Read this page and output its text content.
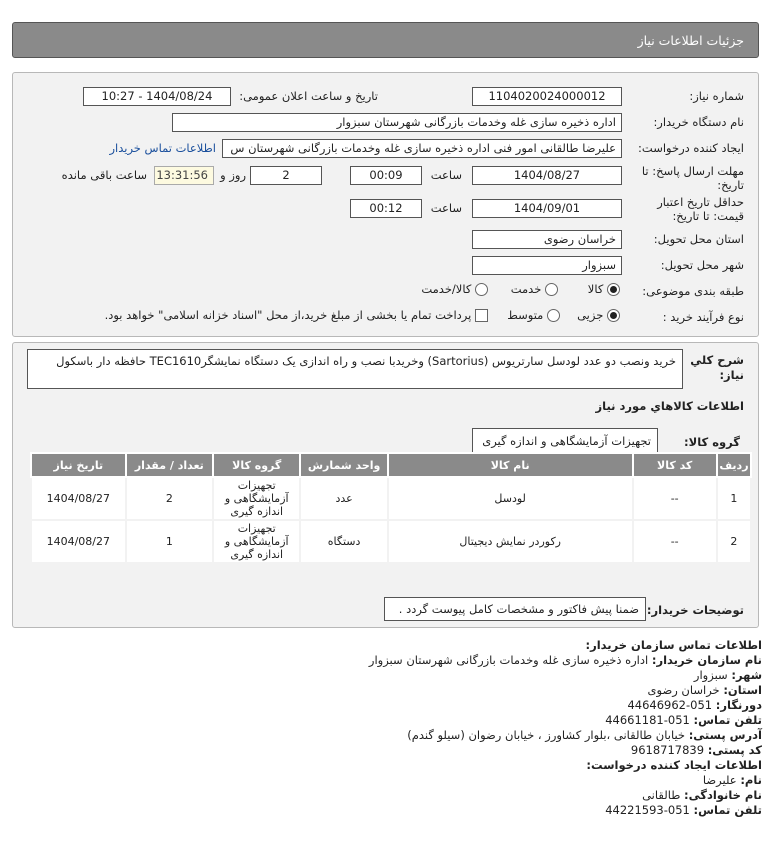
جزئیات اطلاعات نیاز
شماره نیاز:
1104020024000012
تاریخ و ساعت اعلان عمومی:
1404/08/24 - 10:27
نام دستگاه خریدار:
اداره ذخیره سازی غله وخدمات بازرگانی شهرستان سبزوار
ایجاد کننده درخواست:
علیرضا طالقانی امور فنی اداره ذخیره سازی غله وخدمات بازرگانی شهرستان س
اطلاعات تماس خریدار
مهلت ارسال پاسخ: تا تاریخ:
1404/08/27
ساعت
00:09
2
روز و
13:31:56
ساعت باقی مانده
حداقل تاریخ اعتبار قیمت: تا تاریخ:
1404/09/01
ساعت
00:12
استان محل تحویل:
خراسان رضوی
شهر محل تحویل:
سبزوار
طبقه بندی موضوعی:
کالا
خدمت
کالا/خدمت
نوع فرآیند خرید :
جزیی
متوسط
پرداخت تمام یا بخشی از مبلغ خرید،از محل "اسناد خزانه اسلامی" خواهد بود.
شرح کلي نياز:
خرید ونصب دو عدد لودسل سارتریوس (Sartorius) وخریدبا نصب و راه اندازی یک دستگاه نمایشگرTEC1610 حافظه دار باسکول
اطلاعات کالاهاي مورد نياز
گروه کالا:
تجهیزات آزمایشگاهی و اندازه گیری
ردیف	کد کالا	نام کالا	واحد شمارش	گروه کالا	تعداد / مقدار	تاریخ نیاز
1	--	لودسل	عدد	تجهیزات آزمایشگاهی و اندازه گیری	2	1404/08/27
2	--	رکوردر نمایش دیجیتال	دستگاه	تجهیزات آزمایشگاهی و اندازه گیری	1	1404/08/27
توضیحات خریدار:
ضمنا پیش فاکتور و مشخصات کامل پیوست گردد .
اطلاعات تماس سازمان خریدار:
نام سازمان خریدار: اداره ذخیره سازی غله وخدمات بازرگانی شهرستان سبزوار
شهر: سبزوار
استان: خراسان رضوی
دورنگار: 051-44646962
تلفن تماس: 051-44661181
آدرس پستی: خیابان طالقانی ،بلوار کشاورز ، خیابان رضوان (سیلو گندم)
کد پستی: 9618717839
اطلاعات ایجاد کننده درخواست:
نام: علیرضا
نام خانوادگی: طالقانی
تلفن تماس: 051-44221593
